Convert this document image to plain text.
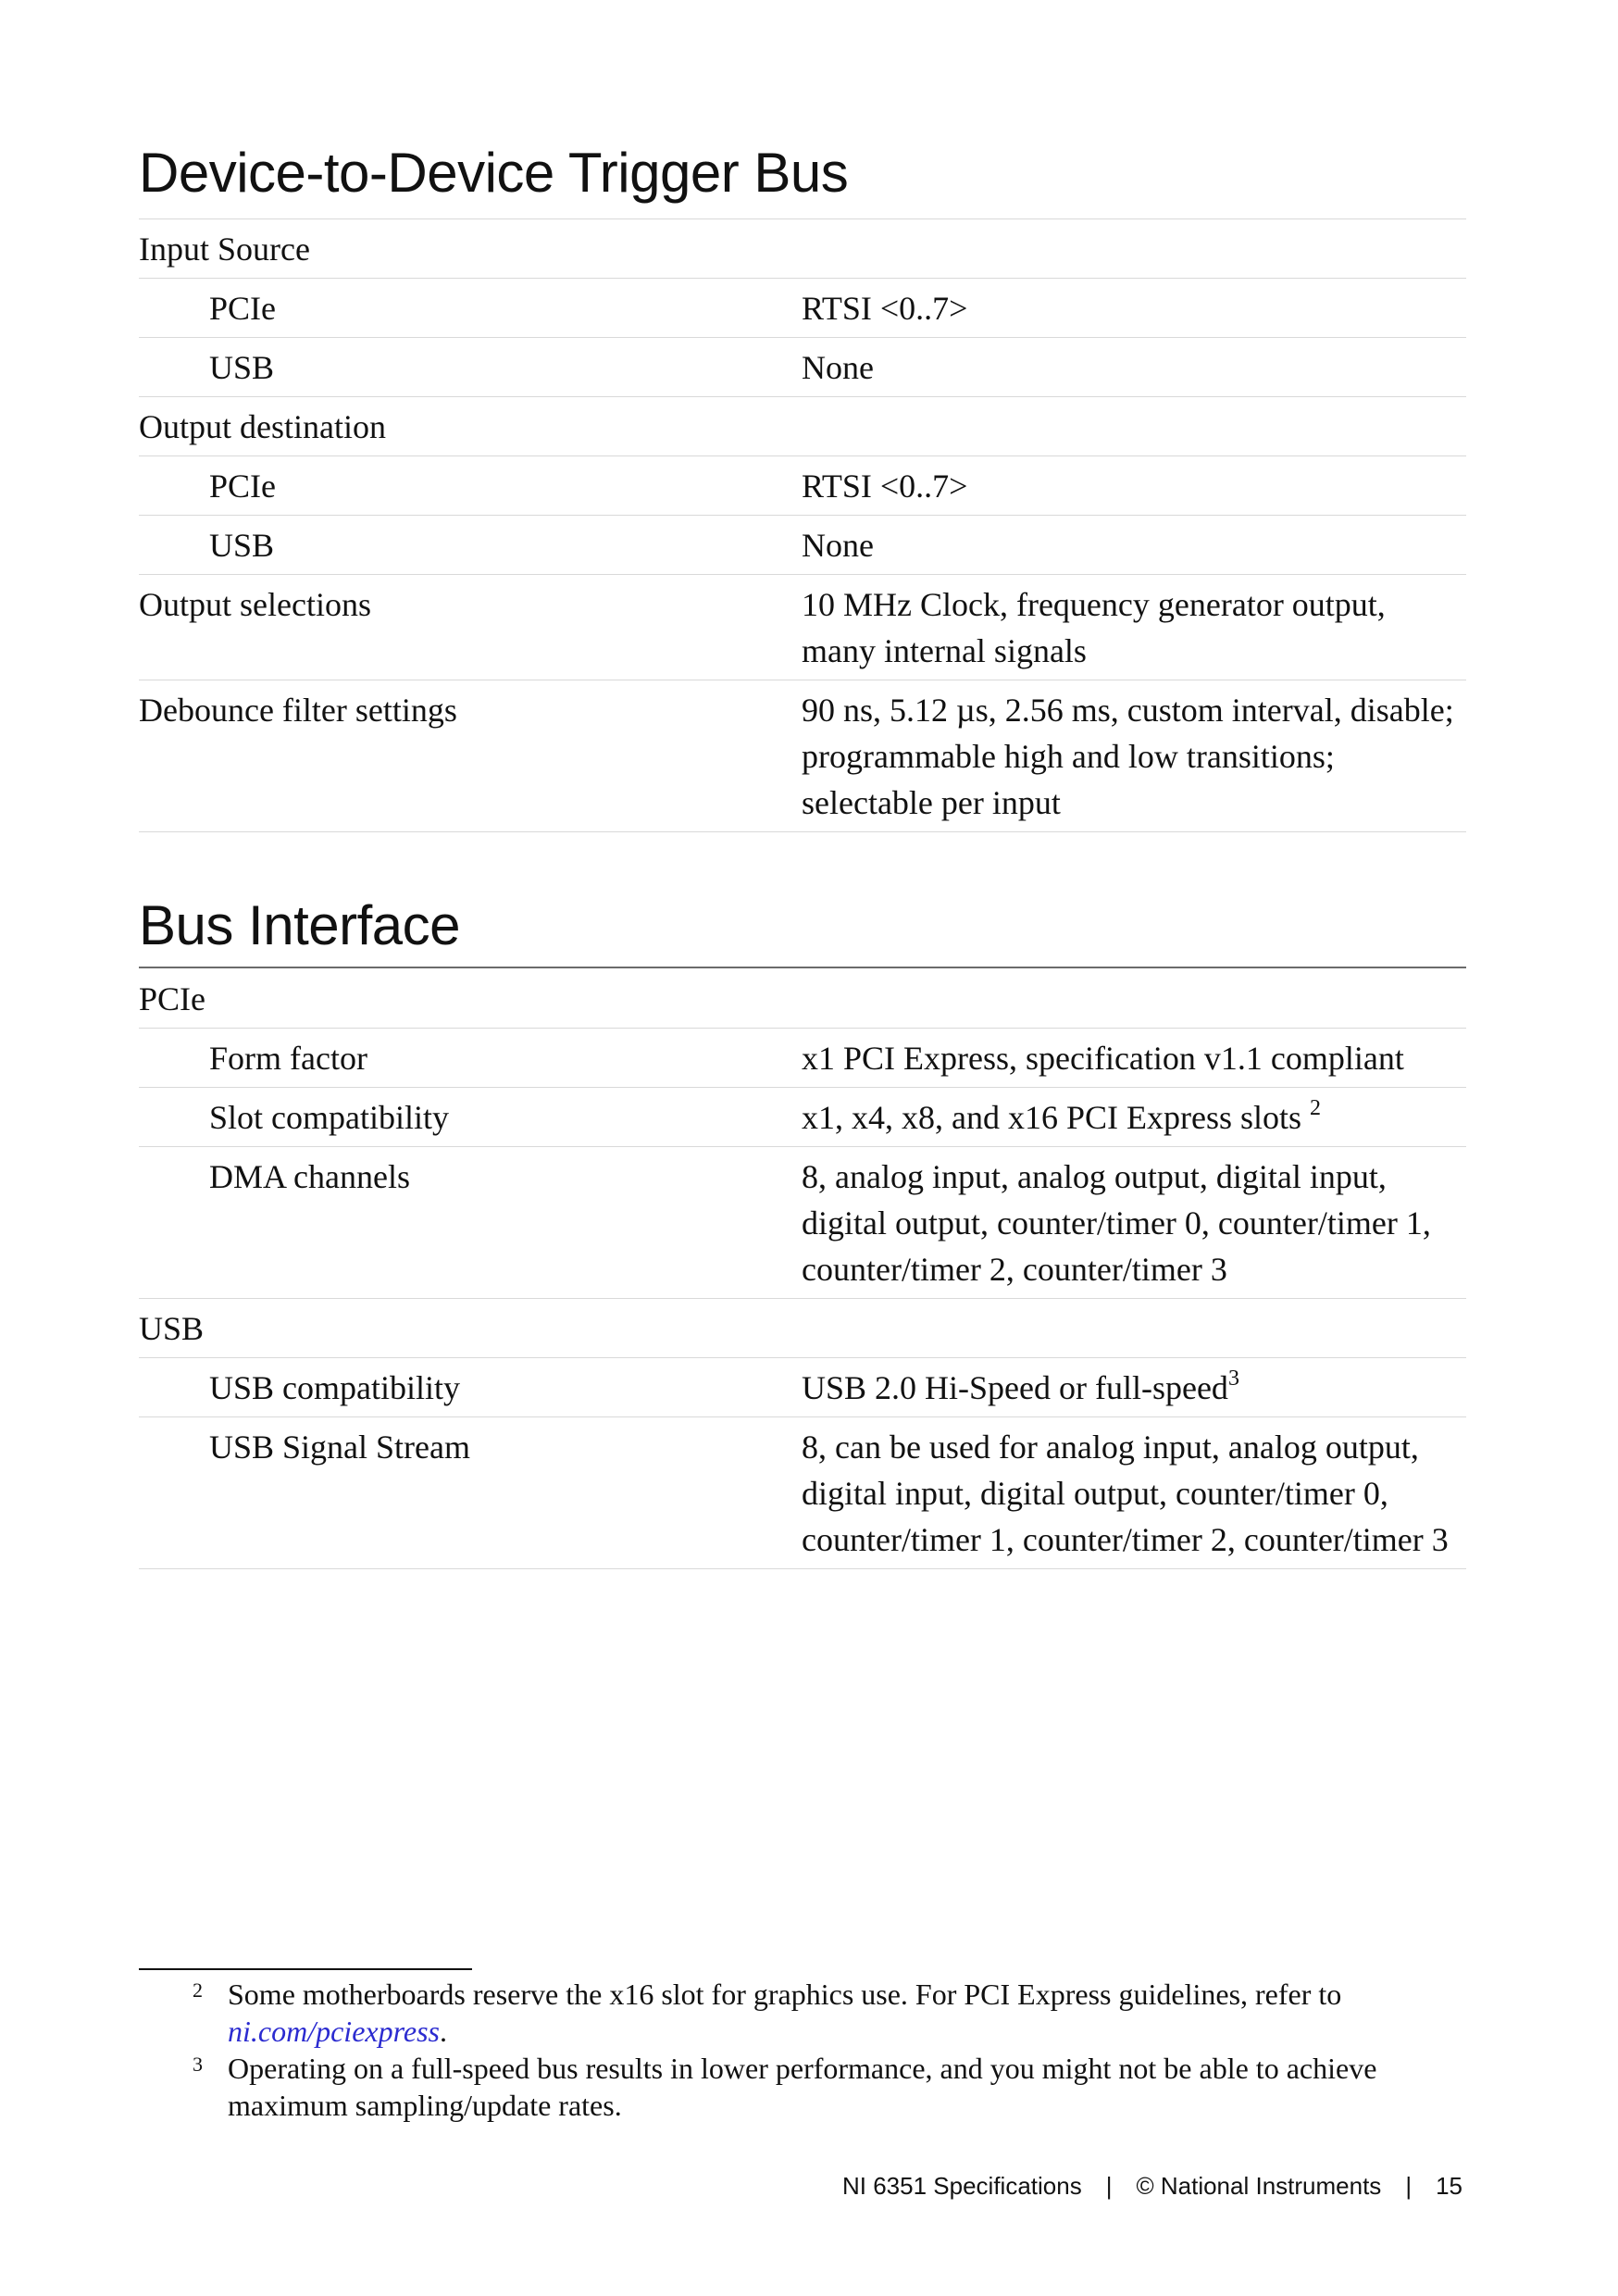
Device-to-Device Trigger Bus
Input Source	
PCIe	RTSI <0..7>
USB	None
Output destination	
PCIe	RTSI <0..7>
USB	None
Output selections	10 MHz Clock, frequency generator output, many internal signals
Debounce filter settings	90 ns, 5.12 µs, 2.56 ms, custom interval, disable; programmable high and low transitions; selectable per input
Bus Interface
PCIe	
Form factor	x1 PCI Express, specification v1.1 compliant
Slot compatibility	x1, x4, x8, and x16 PCI Express slots $^2$
DMA channels	8, analog input, analog output, digital input, digital output, counter/timer 0, counter/timer 1, counter/timer 2, counter/timer 3
USB	
USB compatibility	USB 2.0 Hi-Speed or full-speed$^3$
USB Signal Stream	8, can be used for analog input, analog output, digital input, digital output, counter/timer 0, counter/timer 1, counter/timer 2, counter/timer 3

2 Some motherboards reserve the x16 slot for graphics use. For PCI Express guidelines, refer to ni.com/pciexpress.

3 Operating on a full-speed bus results in lower performance, and you might not be able to achieve maximum sampling/update rates.

NI 6351 Specifications | © National Instruments | 15
